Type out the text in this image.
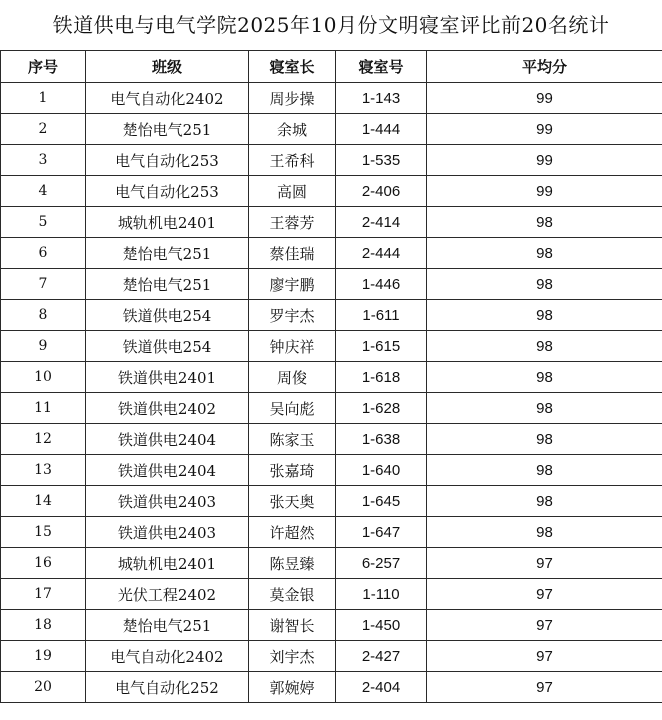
铁道供电与电气学院2025年10月份文明寝室评比前20名统计
序号	班级	寝室长	寝室号	平均分
1	电气自动化2402	周步操	1-143	99
2	楚怡电气251	余城	1-444	99
3	电气自动化253	王希科	1-535	99
4	电气自动化253	高圆	2-406	99
5	城轨机电2401	王蓉芳	2-414	98
6	楚怡电气251	蔡佳瑞	2-444	98
7	楚怡电气251	廖宇鹏	1-446	98
8	铁道供电254	罗宇杰	1-611	98
9	铁道供电254	钟庆祥	1-615	98
10	铁道供电2401	周俊	1-618	98
11	铁道供电2402	吴向彪	1-628	98
12	铁道供电2404	陈家玉	1-638	98
13	铁道供电2404	张嘉琦	1-640	98
14	铁道供电2403	张天奥	1-645	98
15	铁道供电2403	许超然	1-647	98
16	城轨机电2401	陈昱臻	6-257	97
17	光伏工程2402	莫金银	1-110	97
18	楚怡电气251	谢智长	1-450	97
19	电气自动化2402	刘宇杰	2-427	97
20	电气自动化252	郭婉婷	2-404	97
